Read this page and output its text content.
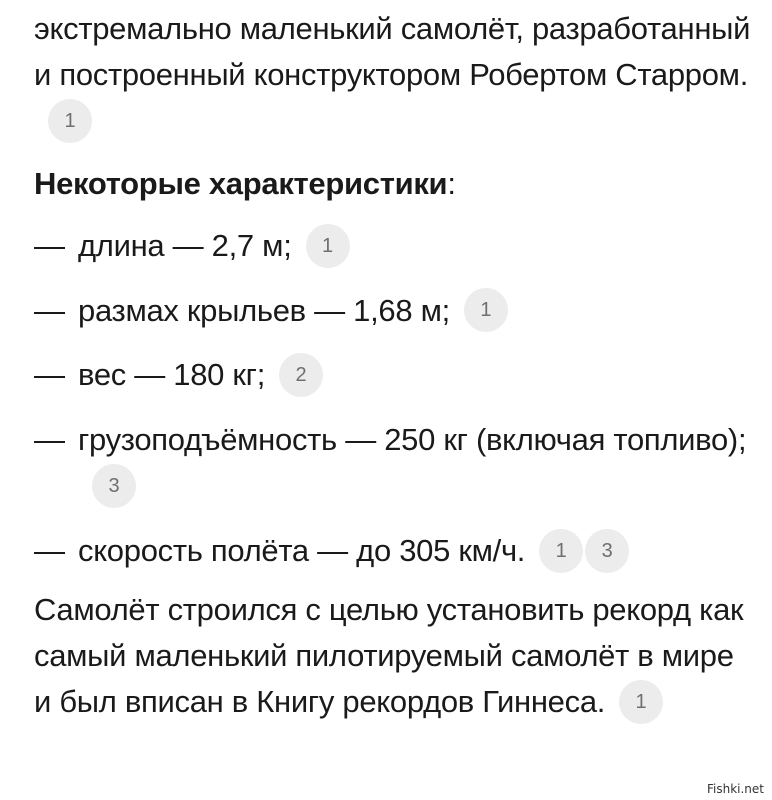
экстремально маленький самолёт, разработанный и построенный конструктором Робертом Старром.1

Некоторые характеристики:
— длина — 2,7 м; 1
— размах крыльев — 1,68 м; 1
— вес — 180 кг; 2
— грузоподъёмность — 250 кг (включая топливо);3
— скорость полёта — до 305 км/ч. 1 3

Самолёт строился с целью установить рекорд как самый маленький пилотируемый самолёт в мире и был вписан в Книгу рекордов Гиннеса. 1

Fishki.net
